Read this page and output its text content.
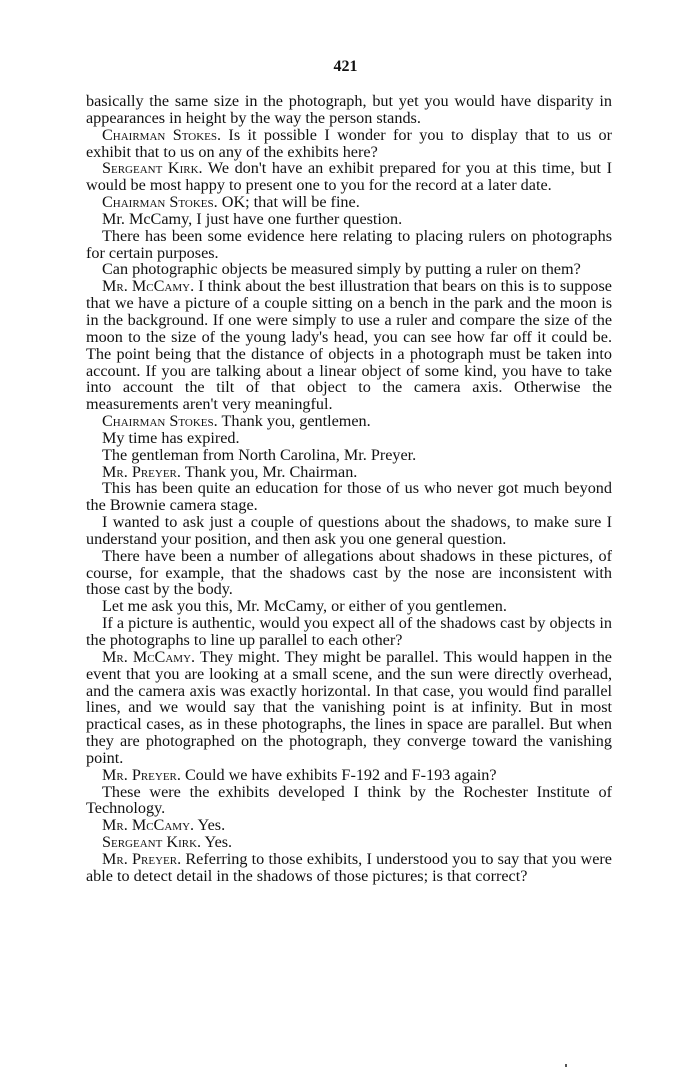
421

basically the same size in the photograph, but yet you would have disparity in appearances in height by the way the person stands.

Chairman Stokes. Is it possible I wonder for you to display that to us or exhibit that to us on any of the exhibits here?

Sergeant Kirk. We don't have an exhibit prepared for you at this time, but I would be most happy to present one to you for the record at a later date.

Chairman Stokes. OK; that will be fine.

Mr. McCamy, I just have one further question.

There has been some evidence here relating to placing rulers on photographs for certain purposes.

Can photographic objects be measured simply by putting a ruler on them?

Mr. McCamy. I think about the best illustration that bears on this is to suppose that we have a picture of a couple sitting on a bench in the park and the moon is in the background. If one were simply to use a ruler and compare the size of the moon to the size of the young lady's head, you can see how far off it could be. The point being that the distance of objects in a photograph must be taken into account. If you are talking about a linear object of some kind, you have to take into account the tilt of that object to the camera axis. Otherwise the measurements aren't very meaningful.

Chairman Stokes. Thank you, gentlemen.

My time has expired.

The gentleman from North Carolina, Mr. Preyer.

Mr. Preyer. Thank you, Mr. Chairman.

This has been quite an education for those of us who never got much beyond the Brownie camera stage.

I wanted to ask just a couple of questions about the shadows, to make sure I understand your position, and then ask you one general question.

There have been a number of allegations about shadows in these pictures, of course, for example, that the shadows cast by the nose are inconsistent with those cast by the body.

Let me ask you this, Mr. McCamy, or either of you gentlemen.

If a picture is authentic, would you expect all of the shadows cast by objects in the photographs to line up parallel to each other?

Mr. McCamy. They might. They might be parallel. This would happen in the event that you are looking at a small scene, and the sun were directly overhead, and the camera axis was exactly horizontal. In that case, you would find parallel lines, and we would say that the vanishing point is at infinity. But in most practical cases, as in these photographs, the lines in space are parallel. But when they are photographed on the photograph, they converge toward the vanishing point.

Mr. Preyer. Could we have exhibits F-192 and F-193 again?

These were the exhibits developed I think by the Rochester Institute of Technology.

Mr. McCamy. Yes.

Sergeant Kirk. Yes.

Mr. Preyer. Referring to those exhibits, I understood you to say that you were able to detect detail in the shadows of those pictures; is that correct?
